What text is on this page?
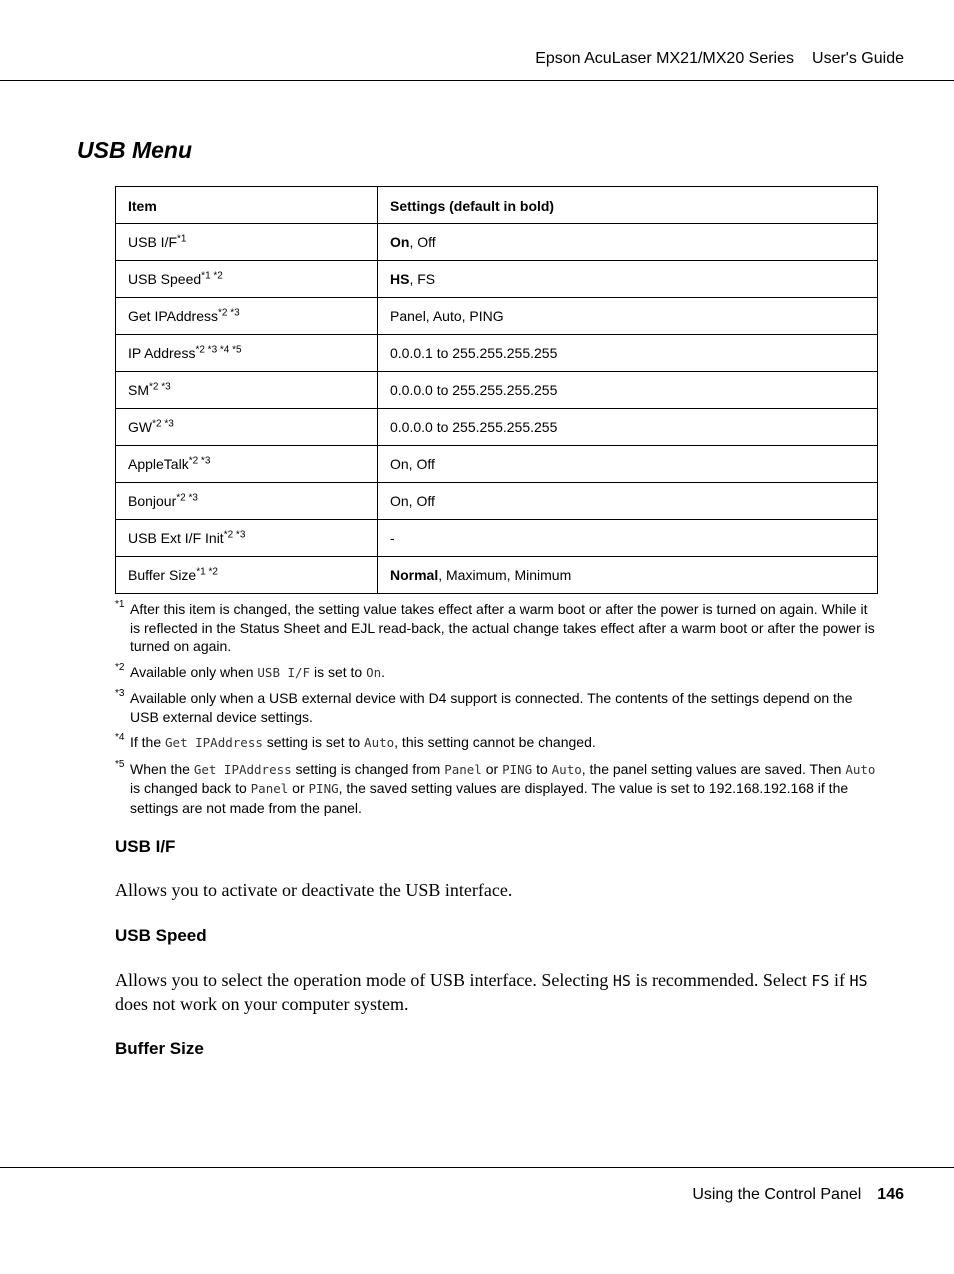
Epson AcuLaser MX21/MX20 Series User's Guide
USB Menu
Item	Settings (default in bold)
USB $I/F^{*1}$	On, Off
USB Speed$^{*1 *2}$	HS, FS
Get IPAddress$^{*2 *3}$	Panel, Auto, PING
IP Address$^{*2 *3 *4 *5}$	0.0.0.1 to 255.255.255.255
$SM^{*2 *3}$	0.0.0.0 to 255.255.255.255
$GW^{*2 *3}$	0.0.0.0 to 255.255.255.255
AppleTalk$^{*2 *3}$	On, Off
Bonjour$^{*2 *3}$	On, Off
USB Ext I/F Init$^{*2 *3}$	-
Buffer Size$^{*1 *2}$	Normal, Maximum, Minimum
*1 After this item is changed, the setting value takes effect after a warm boot or after the power is turned on again. While it is reflected in the Status Sheet and EJL read-back, the actual change takes effect after a warm boot or after the power is turned on again.
*2 Available only when USB I/F is set to On.
*3 Available only when a USB external device with D4 support is connected. The contents of the settings depend on the USB external device settings.
*4 If the Get IPAddress setting is set to Auto, this setting cannot be changed.
*5 When the Get IPAddress setting is changed from Panel or PING to Auto, the panel setting values are saved. Then Auto is changed back to Panel or PING, the saved setting values are displayed. The value is set to 192.168.192.168 if the settings are not made from the panel.
USB I/F
Allows you to activate or deactivate the USB interface.
USB Speed
Allows you to select the operation mode of USB interface. Selecting HS is recommended. Select FS if HS does not work on your computer system.
Buffer Size
Using the Control Panel 146
